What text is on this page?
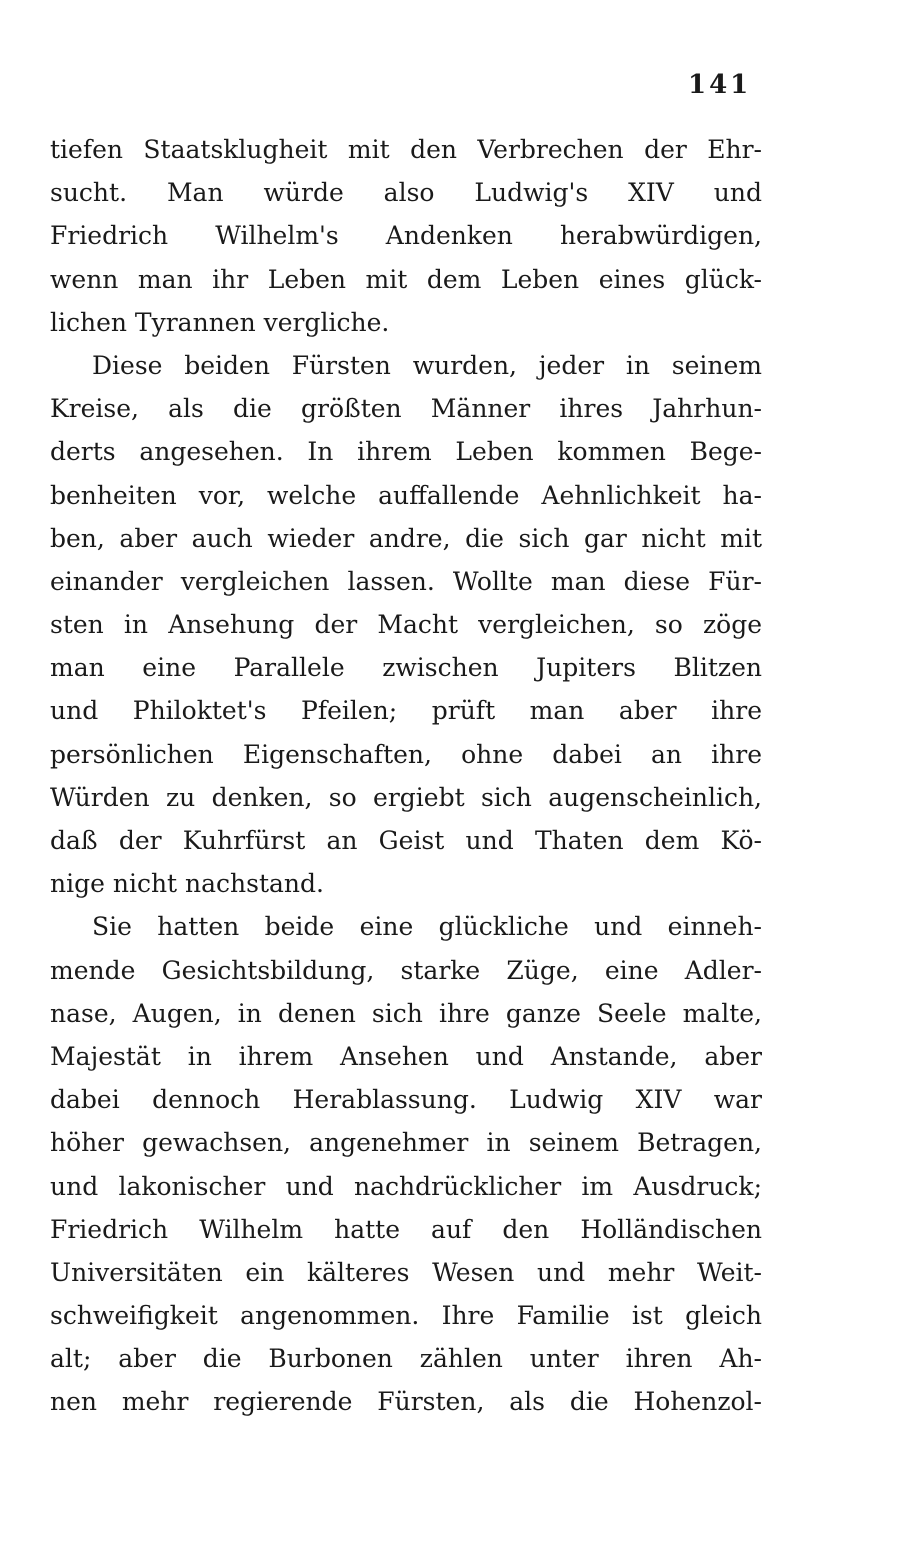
141
tiefen Staatsklugheit mit den Verbrechen der Ehr-
sucht. Man würde also Ludwig's XIV und
Friedrich Wilhelm's Andenken herabwürdigen,
wenn man ihr Leben mit dem Leben eines glück-
lichen Tyrannen vergliche.
Diese beiden Fürsten wurden, jeder in seinem
Kreise, als die größten Männer ihres Jahrhun-
derts angesehen. In ihrem Leben kommen Bege-
benheiten vor, welche auffallende Aehnlichkeit ha-
ben, aber auch wieder andre, die sich gar nicht mit
einander vergleichen lassen. Wollte man diese Für-
sten in Ansehung der Macht vergleichen, so zöge
man eine Parallele zwischen Jupiters Blitzen
und Philoktet's Pfeilen; prüft man aber ihre
persönlichen Eigenschaften, ohne dabei an ihre
Würden zu denken, so ergiebt sich augenscheinlich,
daß der Kuhrfürst an Geist und Thaten dem Kö-
nige nicht nachstand.
Sie hatten beide eine glückliche und einneh-
mende Gesichtsbildung, starke Züge, eine Adler-
nase, Augen, in denen sich ihre ganze Seele malte,
Majestät in ihrem Ansehen und Anstande, aber
dabei dennoch Herablassung. Ludwig XIV war
höher gewachsen, angenehmer in seinem Betragen,
und lakonischer und nachdrücklicher im Ausdruck;
Friedrich Wilhelm hatte auf den Holländischen
Universitäten ein kälteres Wesen und mehr Weit-
schweifigkeit angenommen. Ihre Familie ist gleich
alt; aber die Burbonen zählen unter ihren Ah-
nen mehr regierende Fürsten, als die Hohenzol-
